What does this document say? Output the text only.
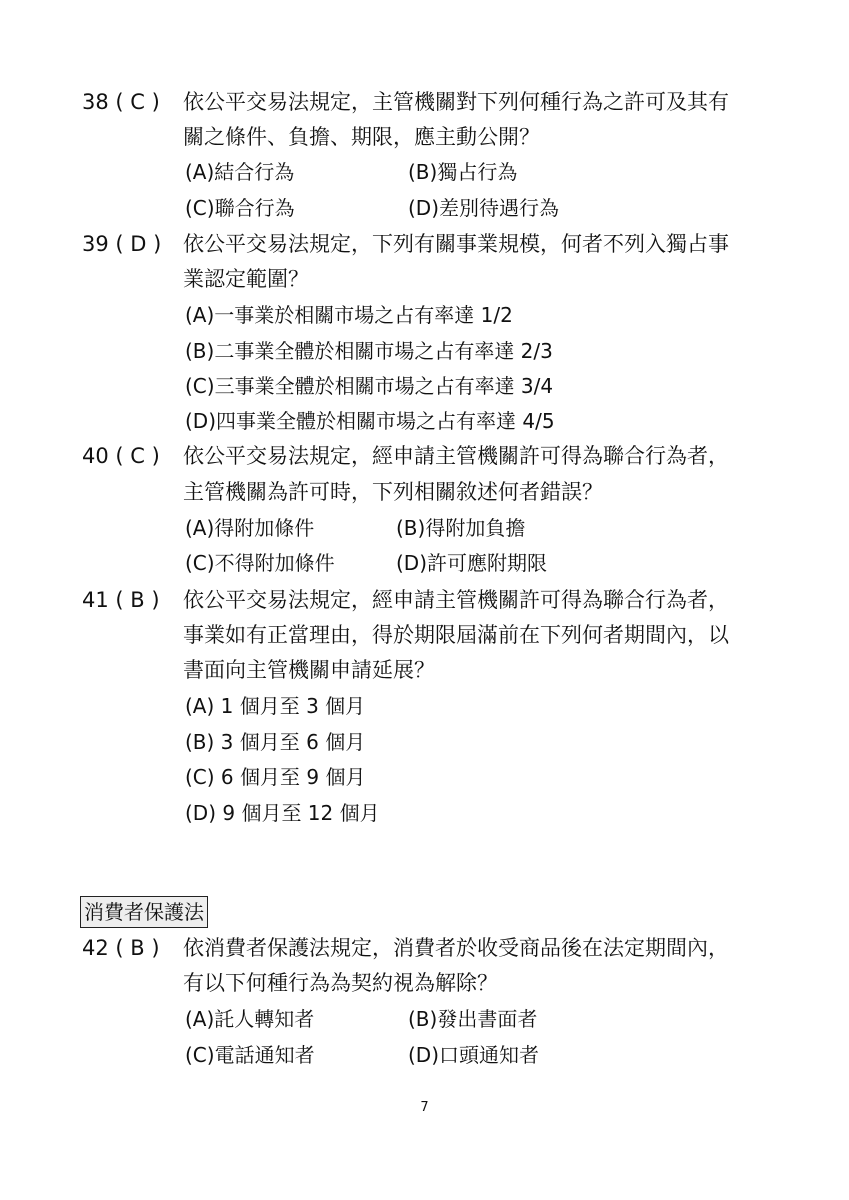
38 ( C ) 依公平交易法規定，主管機關對下列何種行為之許可及其有
關之條件、負擔、期限，應主動公開？
(A)結合行為	(B)獨占行為
(C)聯合行為	(D)差別待遇行為
39 ( D ) 依公平交易法規定，下列有關事業規模，何者不列入獨占事
業認定範圍？
(A)一事業於相關市場之占有率達 1/2
(B)二事業全體於相關市場之占有率達 2/3
(C)三事業全體於相關市場之占有率達 3/4
(D)四事業全體於相關市場之占有率達 4/5
40 ( C ) 依公平交易法規定，經申請主管機關許可得為聯合行為者，
主管機關為許可時，下列相關敘述何者錯誤？
(A)得附加條件	(B)得附加負擔
(C)不得附加條件	(D)許可應附期限
41 ( B ) 依公平交易法規定，經申請主管機關許可得為聯合行為者，
事業如有正當理由，得於期限屆滿前在下列何者期間內，以
書面向主管機關申請延展？
(A) 1 個月至 3 個月
(B) 3 個月至 6 個月
(C) 6 個月至 9 個月
(D) 9 個月至 12 個月
消費者保護法
42 ( B ) 依消費者保護法規定，消費者於收受商品後在法定期間內，
有以下何種行為為契約視為解除？
(A)託人轉知者	(B)發出書面者
(C)電話通知者	(D)口頭通知者
7
